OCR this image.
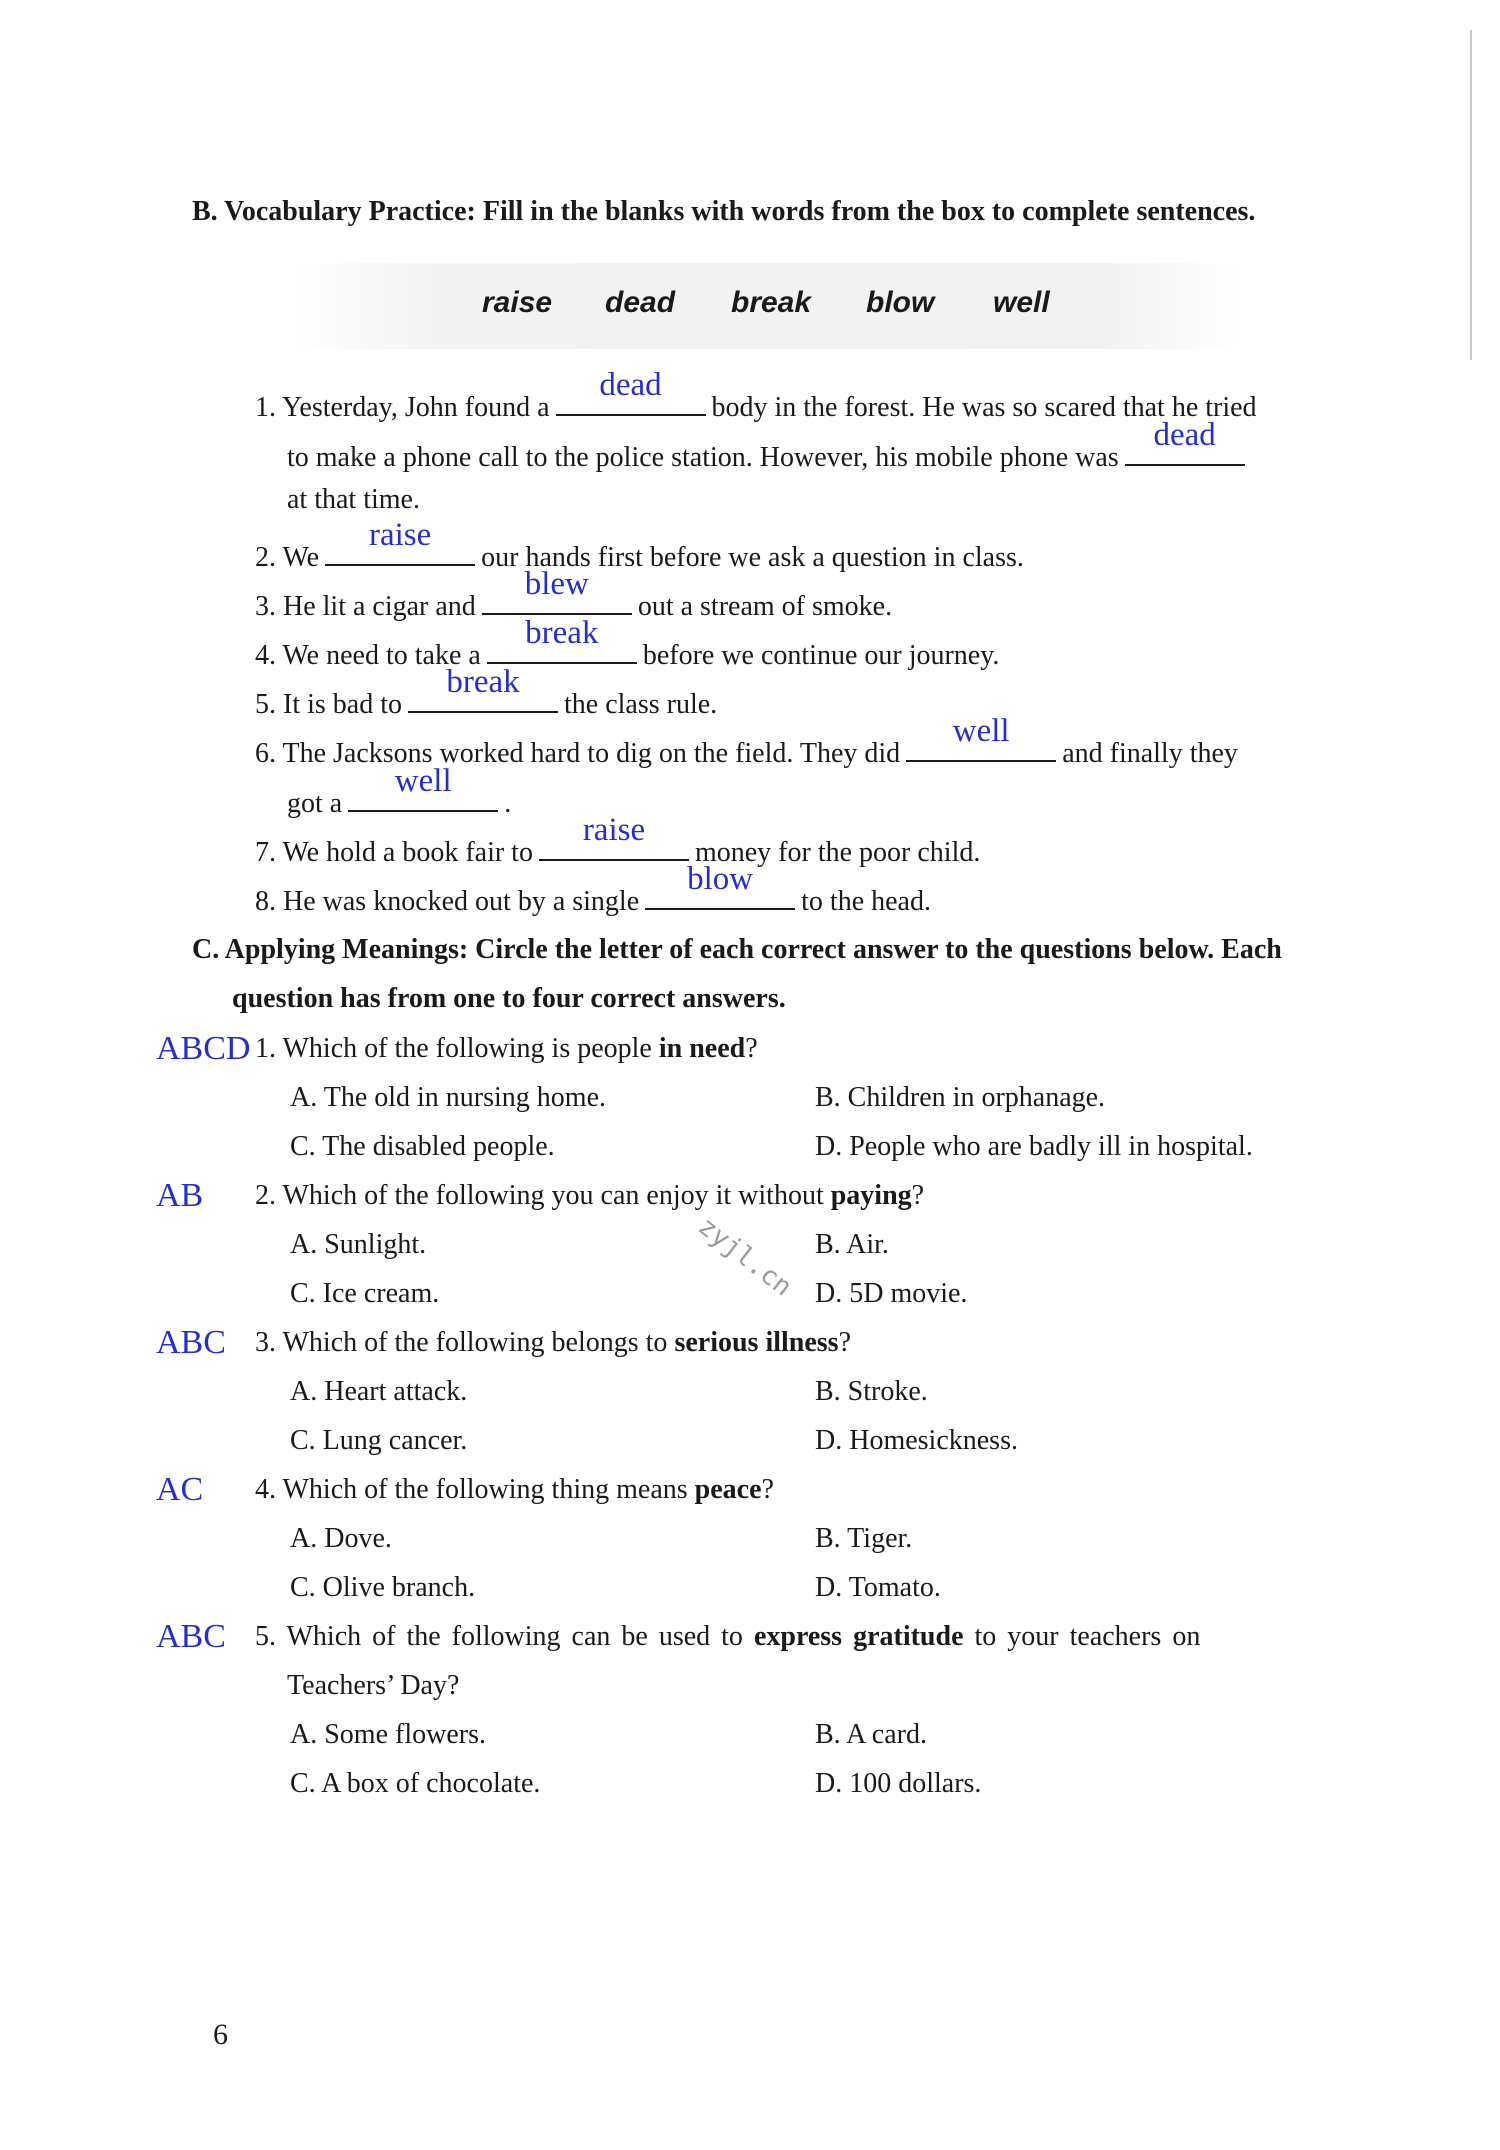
B. Vocabulary Practice: Fill in the blanks with words from the box to complete sentences.
raise dead break blow well
1. Yesterday, John found a
dead
body in the forest. He was so scared that he tried
to make a phone call to the police station. However, his mobile phone was
dead
at that time.
2. We
raise
our hands first before we ask a question in class.
3. He lit a cigar and
blew
out a stream of smoke.
4. We need to take a
break
before we continue our journey.
5. It is bad to
break
the class rule.
6. The Jacksons worked hard to dig on the field. They did
well
and finally they
got a
well
.
7. We hold a book fair to
raise
money for the poor child.
8. He was knocked out by a single
blow
to the head.
C. Applying Meanings: Circle the letter of each correct answer to the questions below. Each
question has from one to four correct answers.
ABCD 1. Which of the following is people in need?
A. The old in nursing home.	B. Children in orphanage.
C. The disabled people.	D. People who are badly ill in hospital.
AB 2. Which of the following you can enjoy it without paying?
A. Sunlight.	B. Air.
C. Ice cream.	D. 5D movie.
zyjl.cn
ABC 3. Which of the following belongs to serious illness?
A. Heart attack.	B. Stroke.
C. Lung cancer.	D. Homesickness.
AC 4. Which of the following thing means peace?
A. Dove.	B. Tiger.
C. Olive branch.	D. Tomato.
ABC 5. Which of the following can be used to express gratitude to your teachers on
Teachers’ Day?
A. Some flowers.	B. A card.
C. A box of chocolate.	D. 100 dollars.
6
